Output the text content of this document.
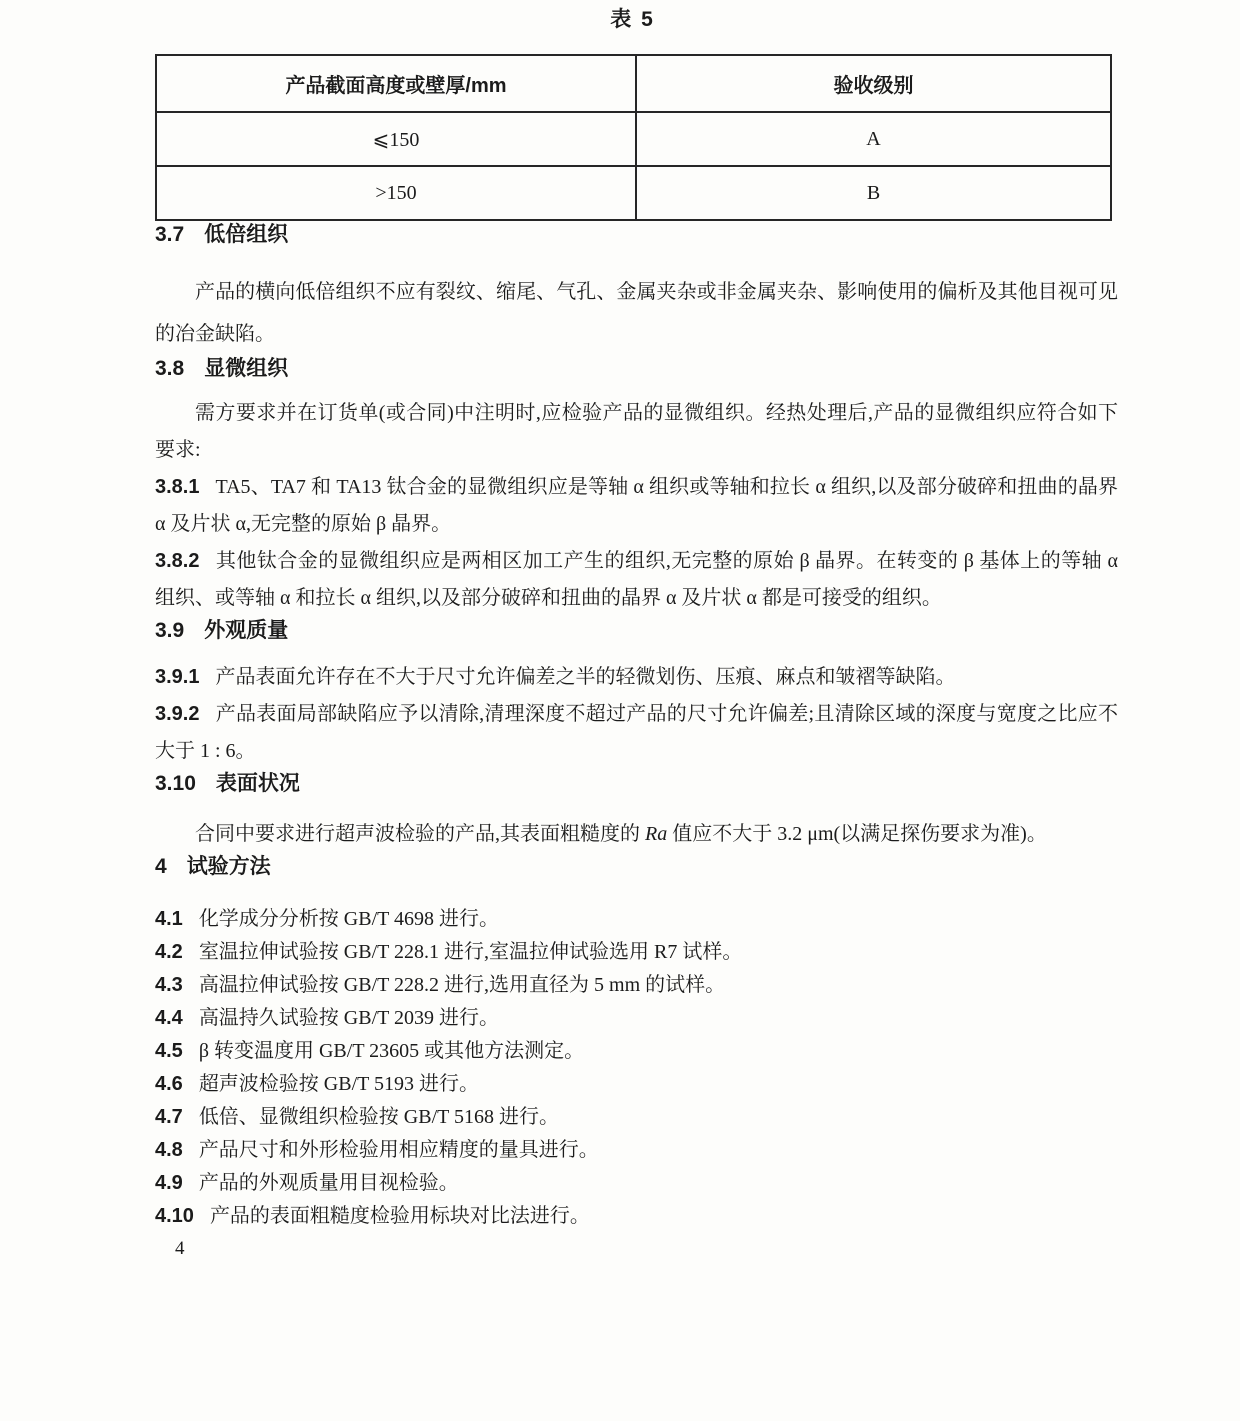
表 5
产品截面高度或壁厚/mm	验收级别
⩽150	A
>150	B
3.7 低倍组织

产品的横向低倍组织不应有裂纹、缩尾、气孔、金属夹杂或非金属夹杂、影响使用的偏析及其他目视可见的冶金缺陷。

3.8 显微组织

需方要求并在订货单(或合同)中注明时,应检验产品的显微组织。经热处理后,产品的显微组织应符合如下要求:

3.8.1 TA5、TA7 和 TA13 钛合金的显微组织应是等轴 α 组织或等轴和拉长 α 组织,以及部分破碎和扭曲的晶界 α 及片状 α,无完整的原始 β 晶界。

3.8.2 其他钛合金的显微组织应是两相区加工产生的组织,无完整的原始 β 晶界。在转变的 β 基体上的等轴 α 组织、或等轴 α 和拉长 α 组织,以及部分破碎和扭曲的晶界 α 及片状 α 都是可接受的组织。

3.9 外观质量

3.9.1 产品表面允许存在不大于尺寸允许偏差之半的轻微划伤、压痕、麻点和皱褶等缺陷。

3.9.2 产品表面局部缺陷应予以清除,清理深度不超过产品的尺寸允许偏差;且清除区域的深度与宽度之比应不大于 1 : 6。

3.10 表面状况

合同中要求进行超声波检验的产品,其表面粗糙度的 Ra 值应不大于 3.2 μm(以满足探伤要求为准)。

4 试验方法

4.1 化学成分分析按 GB/T 4698 进行。

4.2 室温拉伸试验按 GB/T 228.1 进行,室温拉伸试验选用 R7 试样。

4.3 高温拉伸试验按 GB/T 228.2 进行,选用直径为 5 mm 的试样。

4.4 高温持久试验按 GB/T 2039 进行。

4.5 β 转变温度用 GB/T 23605 或其他方法测定。

4.6 超声波检验按 GB/T 5193 进行。

4.7 低倍、显微组织检验按 GB/T 5168 进行。

4.8 产品尺寸和外形检验用相应精度的量具进行。

4.9 产品的外观质量用目视检验。

4.10 产品的表面粗糙度检验用标块对比法进行。

4
